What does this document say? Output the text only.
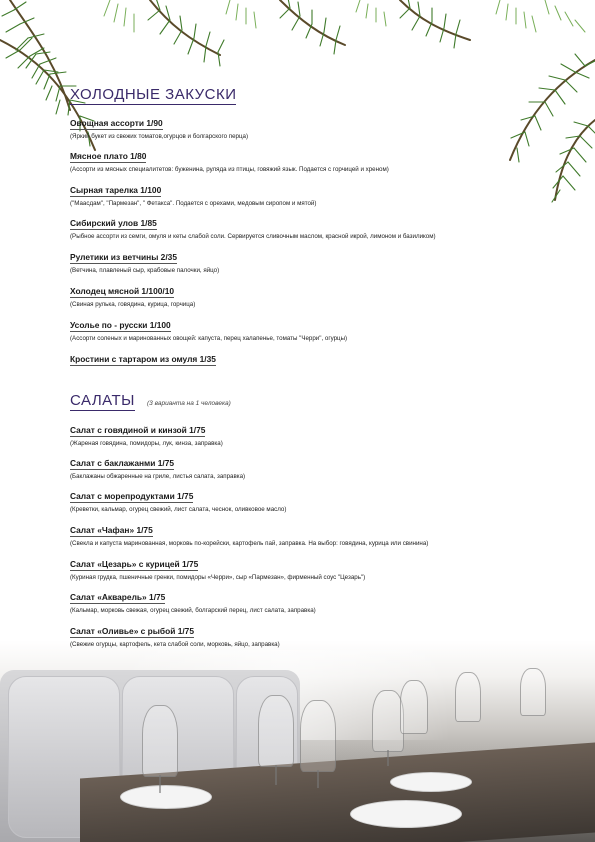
ХОЛОДНЫЕ ЗАКУСКИ
Овощная ассорти 1/90
(Яркий букет из свежих томатов,огурцов и болгарского перца)
Мясное плато 1/80
(Ассорти из мясных специалитетов: буженина, руляда из птицы, говяжий язык. Подается с горчицей и хреном)
Сырная тарелка 1/100
("Маасдам", "Пармезан", " Фетакса". Подается с орехами, медовым сиропом и мятой)
Сибирский улов 1/85
(Рыбное ассорти из семги, омуля и кеты слабой соли. Сервируется сливочным маслом, красной икрой, лимоном и базиликом)
Рулетики из ветчины 2/35
(Ветчина, плавленый сыр, крабовые палочки, яйцо)
Холодец мясной 1/100/10
(Свиная рулька, говядина, курица, горчица)
Усолье по - русски 1/100
(Ассорти соленых и маринованных овощей: капуста, перец халапенье, томаты "Черри", огурцы)
Кростини с тартаром из омуля 1/35
САЛАТЫ (3 варианта на 1 человека)
Салат с говядиной и кинзой 1/75
(Жареная говядина, помидоры, лук, кинза, заправка)
Салат с баклажанми 1/75
(Баклажаны обжаренные на гриле, листья салата, заправка)
Салат с морепродуктами 1/75
(Креветки, кальмар, огурец свежий, лист салата, чеснок, оливковое масло)
Салат «Чафан» 1/75
(Свекла и капуста маринованная, морковь по-корейски, картофель пай, заправка. На выбор: говядина, курица или свинина)
Салат «Цезарь» с курицей 1/75
(Куриная грудка, пшеничные гренки, помидоры «Черри», сыр «Пармезан», фирменный соус "Цезарь")
Салат «Акварель» 1/75
(Кальмар, морковь свежая, огурец свежий, болгарский перец, лист салата, заправка)
Салат «Оливье» с рыбой 1/75
(Свежие огурцы, картофель, кета слабой соли, морковь, яйцо, заправка)
